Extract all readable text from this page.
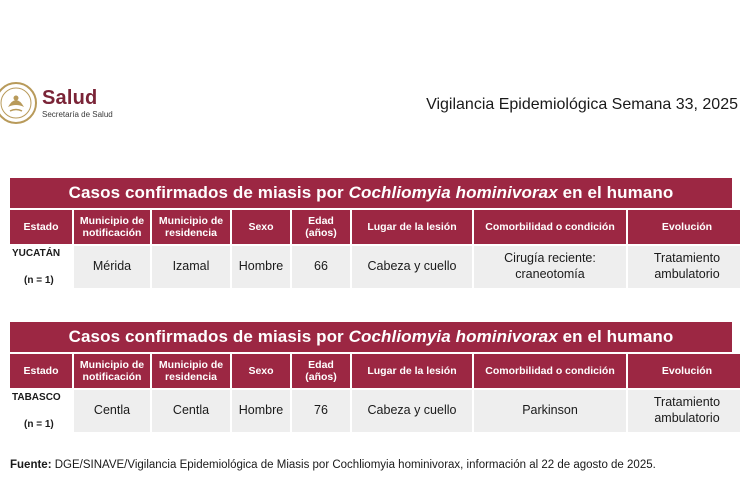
Salud
Secretaría de Salud
Vigilancia Epidemiológica Semana 33, 2025
Casos confirmados de miasis por Cochliomyia hominivorax en el humano
Estado	Municipio de notificación	Municipio de residencia	Sexo	Edad (años)	Lugar de la lesión	Comorbilidad o condición	Evolución
YUCATÁN
(n = 1)	Mérida	Izamal	Hombre	66	Cabeza y cuello	Cirugía reciente: craneotomía	Tratamiento ambulatorio
Casos confirmados de miasis por Cochliomyia hominivorax en el humano
Estado	Municipio de notificación	Municipio de residencia	Sexo	Edad (años)	Lugar de la lesión	Comorbilidad o condición	Evolución
TABASCO
(n = 1)	Centla	Centla	Hombre	76	Cabeza y cuello	Parkinson	Tratamiento ambulatorio
Fuente: DGE/SINAVE/Vigilancia Epidemiológica de Miasis por Cochliomyia hominivorax, información al 22 de agosto de 2025.
